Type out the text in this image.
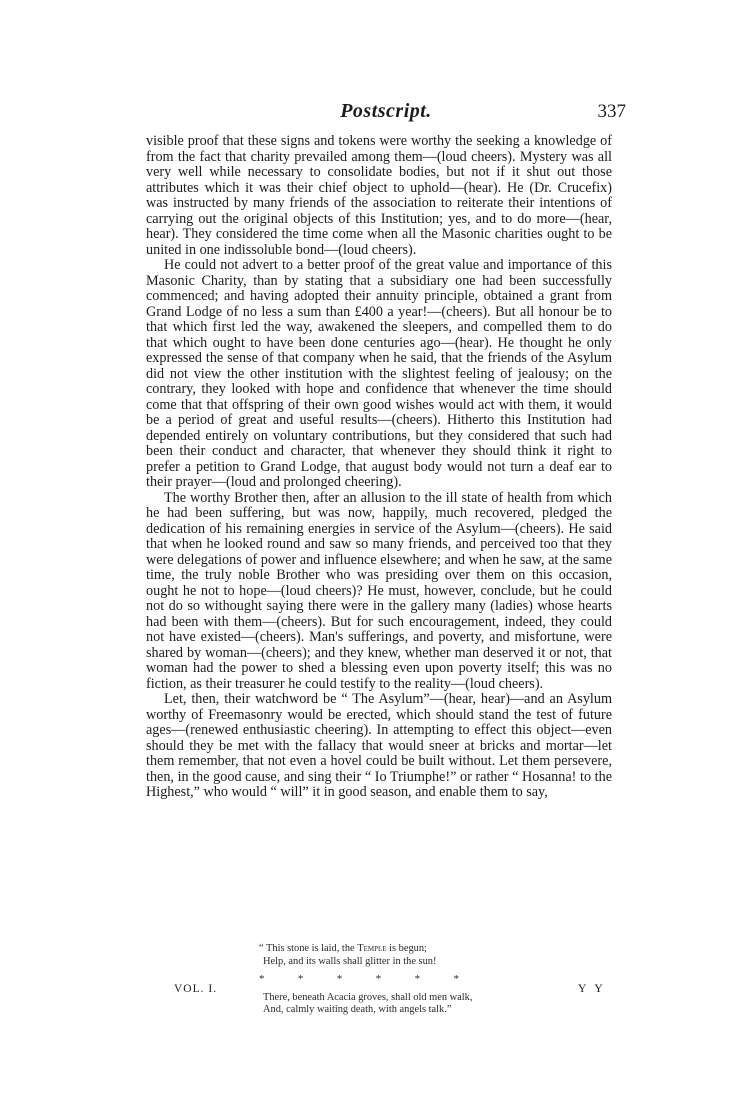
Postscript.	337

visible proof that these signs and tokens were worthy the seeking a knowledge of from the fact that charity prevailed among them—(loud cheers). Mystery was all very well while necessary to consolidate bodies, but not if it shut out those attributes which it was their chief object to uphold—(hear). He (Dr. Crucefix) was instructed by many friends of the association to reiterate their intentions of carrying out the original objects of this Institution; yes, and to do more—(hear, hear). They considered the time come when all the Masonic charities ought to be united in one indissoluble bond—(loud cheers).

He could not advert to a better proof of the great value and importance of this Masonic Charity, than by stating that a subsidiary one had been successfully commenced; and having adopted their annuity principle, obtained a grant from Grand Lodge of no less a sum than £400 a year!—(cheers). But all honour be to that which first led the way, awakened the sleepers, and compelled them to do that which ought to have been done centuries ago—(hear). He thought he only expressed the sense of that company when he said, that the friends of the Asylum did not view the other institution with the slightest feeling of jealousy; on the contrary, they looked with hope and confidence that whenever the time should come that that offspring of their own good wishes would act with them, it would be a period of great and useful results—(cheers). Hitherto this Institution had depended entirely on voluntary contributions, but they considered that such had been their conduct and character, that whenever they should think it right to prefer a petition to Grand Lodge, that august body would not turn a deaf ear to their prayer—(loud and prolonged cheering).

The worthy Brother then, after an allusion to the ill state of health from which he had been suffering, but was now, happily, much recovered, pledged the dedication of his remaining energies in service of the Asylum—(cheers). He said that when he looked round and saw so many friends, and perceived too that they were delegations of power and influence elsewhere; and when he saw, at the same time, the truly noble Brother who was presiding over them on this occasion, ought he not to hope—(loud cheers)? He must, however, conclude, but he could not do so withought saying there were in the gallery many (ladies) whose hearts had been with them—(cheers). But for such encouragement, indeed, they could not have existed—(cheers). Man's sufferings, and poverty, and misfortune, were shared by woman—(cheers); and they knew, whether man deserved it or not, that woman had the power to shed a blessing even upon poverty itself; this was no fiction, as their treasurer he could testify to the reality—(loud cheers).

Let, then, their watchword be “ The Asylum”—(hear, hear)—and an Asylum worthy of Freemasonry would be erected, which should stand the test of future ages—(renewed enthusiastic cheering). In attempting to effect this object—even should they be met with the fallacy that would sneer at bricks and mortar—let them remember, that not even a hovel could be built without. Let them persevere, then, in the good cause, and sing their “ Io Triumphe!” or rather “ Hosanna! to the Highest,” who would “ will” it in good season, and enable them to say,

“ This stone is laid, the Temple is begun;
Help, and its walls shall glitter in the sun!
*	*	*	*	*	*
There, beneath Acacia groves, shall old men walk,
And, calmly waiting death, with angels talk.”
VOL. I.	Y Y
